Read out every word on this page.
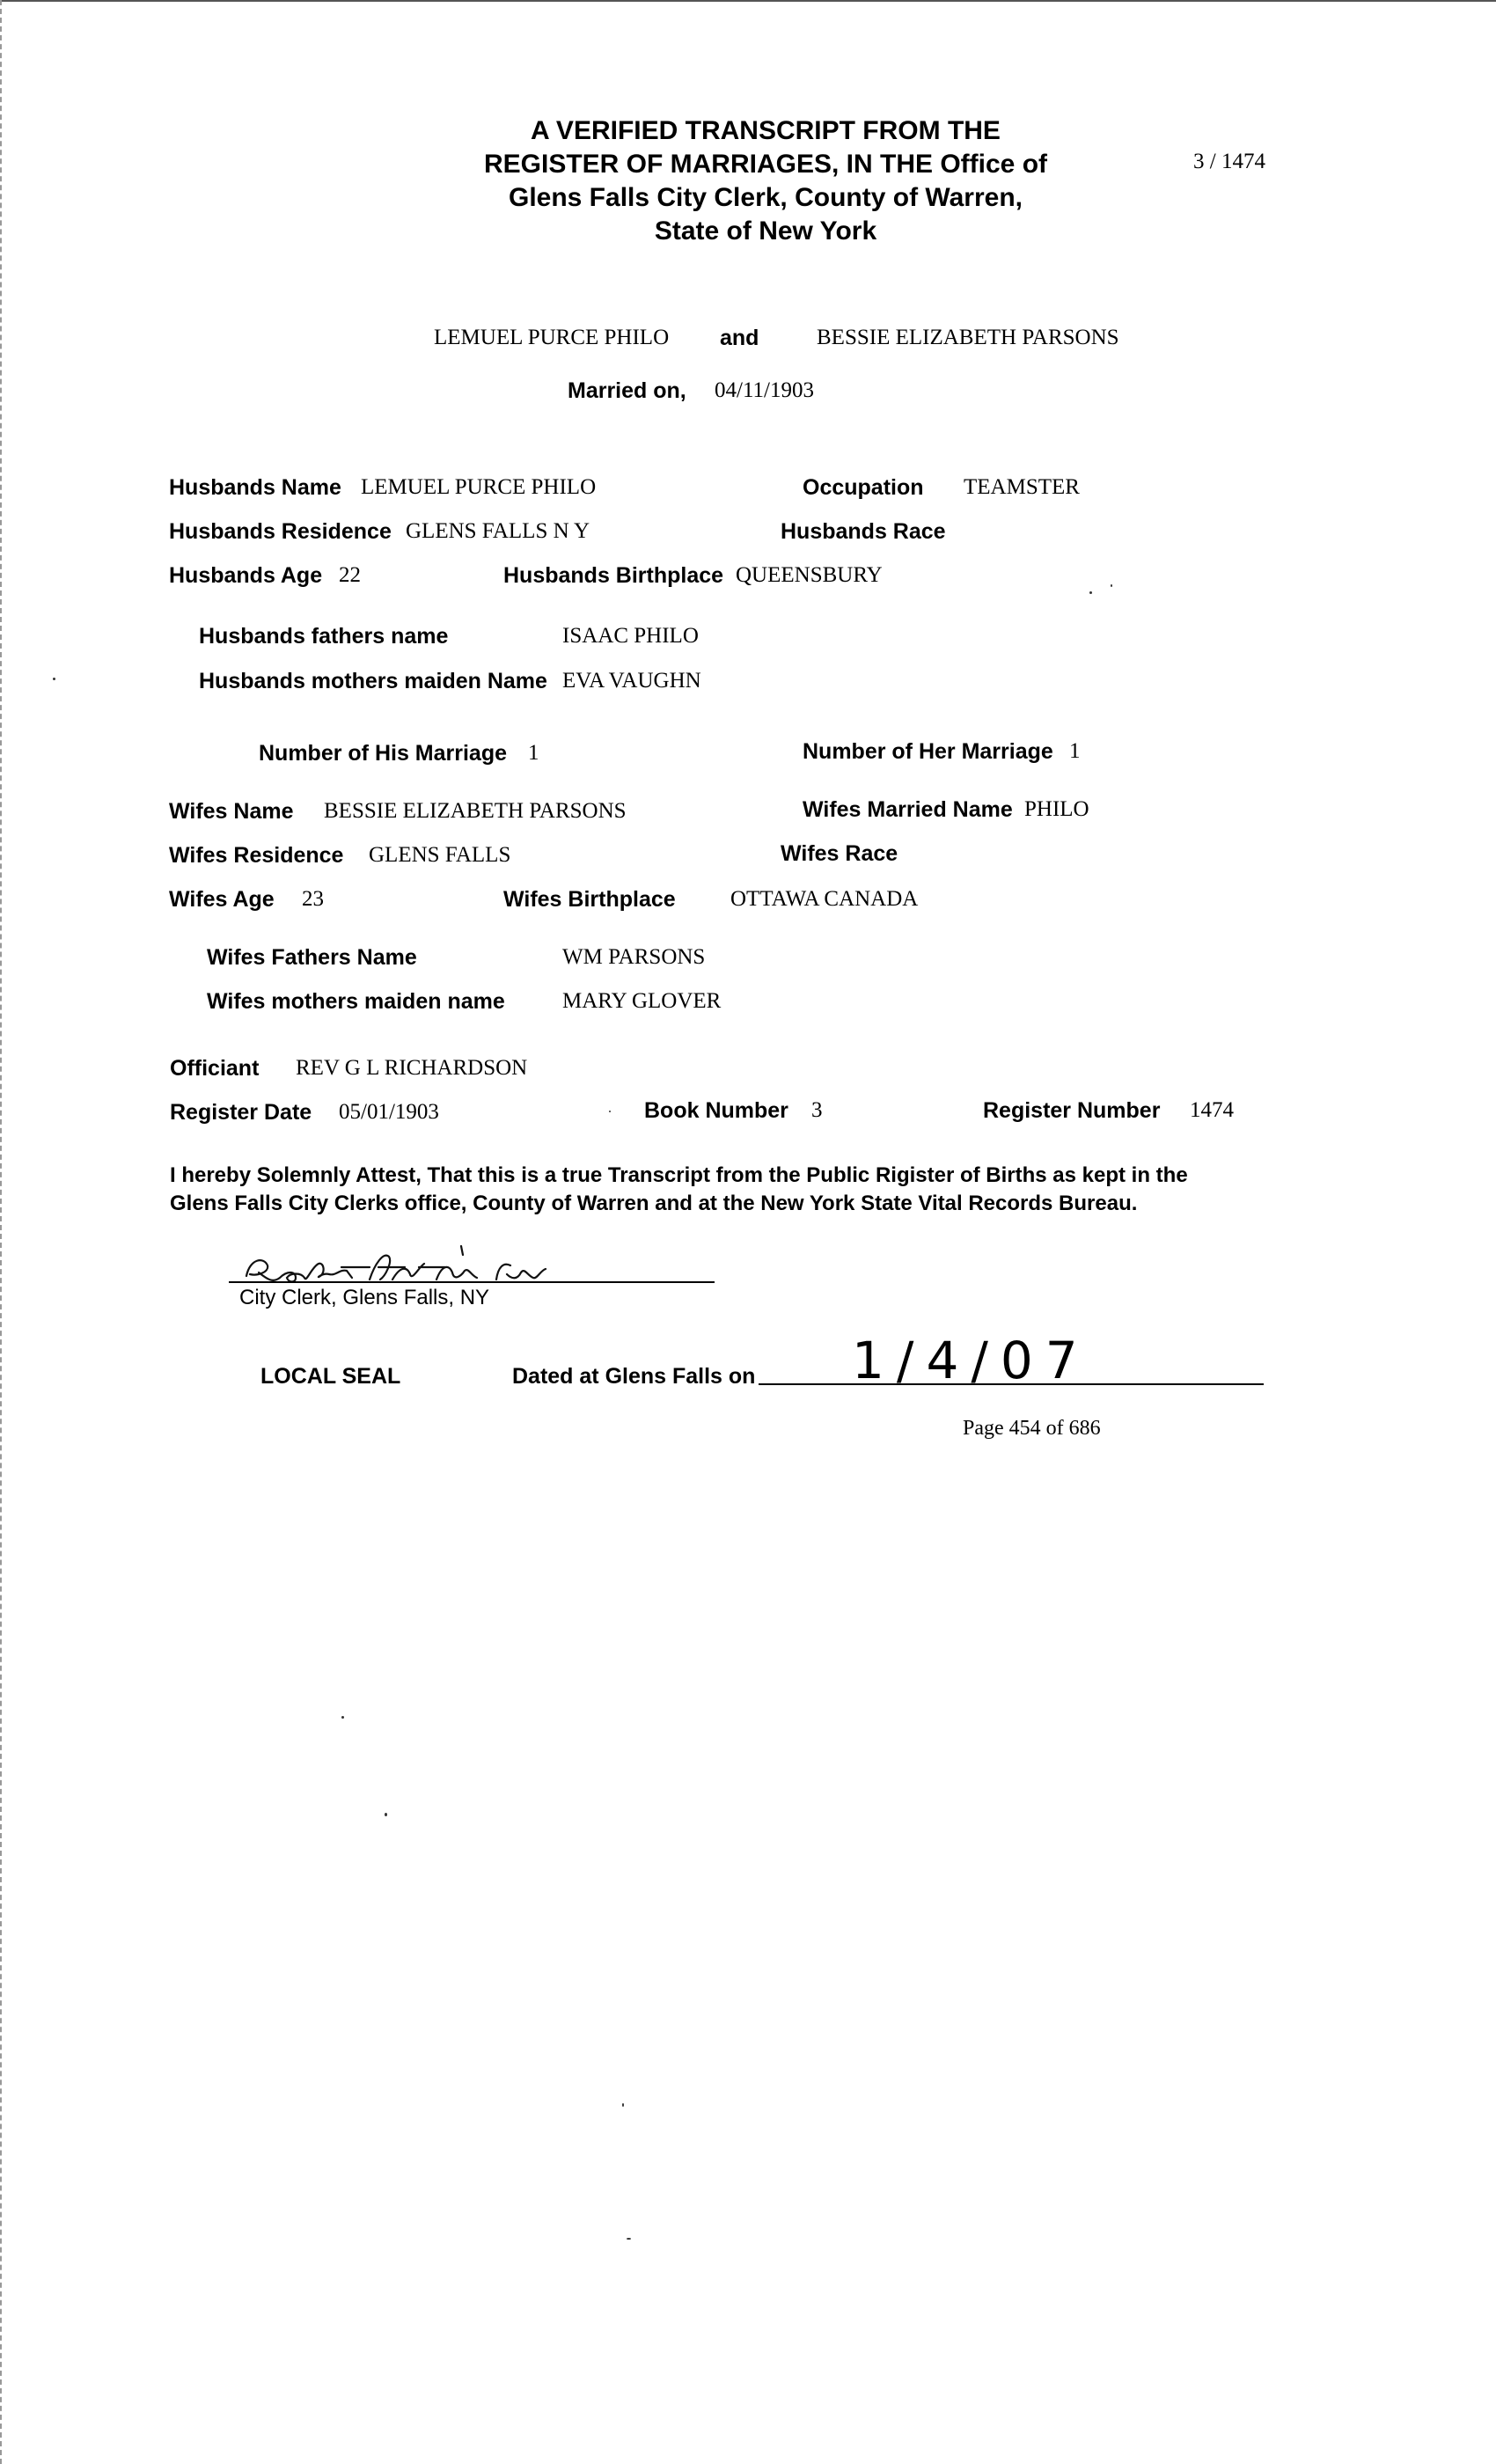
A VERIFIED TRANSCRIPT FROM THE
REGISTER OF MARRIAGES, IN THE Office of
Glens Falls City Clerk, County of Warren,
State of New York
3 / 1474
LEMUEL PURCE PHILO and	BESSIE ELIZABETH PARSONS
Married on, 04/11/1903
Husbands Name LEMUEL PURCE PHILO	Occupation TEAMSTER
Husbands Residence GLENS FALLS N Y	Husbands Race
Husbands Age 22	Husbands Birthplace QUEENSBURY
Husbands fathers name	ISAAC PHILO
Husbands mothers maiden Name EVA VAUGHN
Number of His Marriage 1	Number of Her Marriage 1
Wifes Name BESSIE ELIZABETH PARSONS	Wifes Married Name PHILO
Wifes Residence GLENS FALLS	Wifes Race
Wifes Age 23	Wifes Birthplace OTTAWA CANADA
Wifes Fathers Name	WM PARSONS
Wifes mothers maiden name	MARY GLOVER
Officiant REV G L RICHARDSON
Register Date 05/01/1903	Book Number 3	Register Number 1474
I hereby Solemnly Attest, That this is a true Transcript from the Public Rigister of Births as kept in the
Glens Falls City Clerks office, County of Warren and at the New York State Vital Records Bureau.
City Clerk, Glens Falls, NY
LOCAL SEAL	Dated at Glens Falls on 1/4/07
Page 454 of 686
